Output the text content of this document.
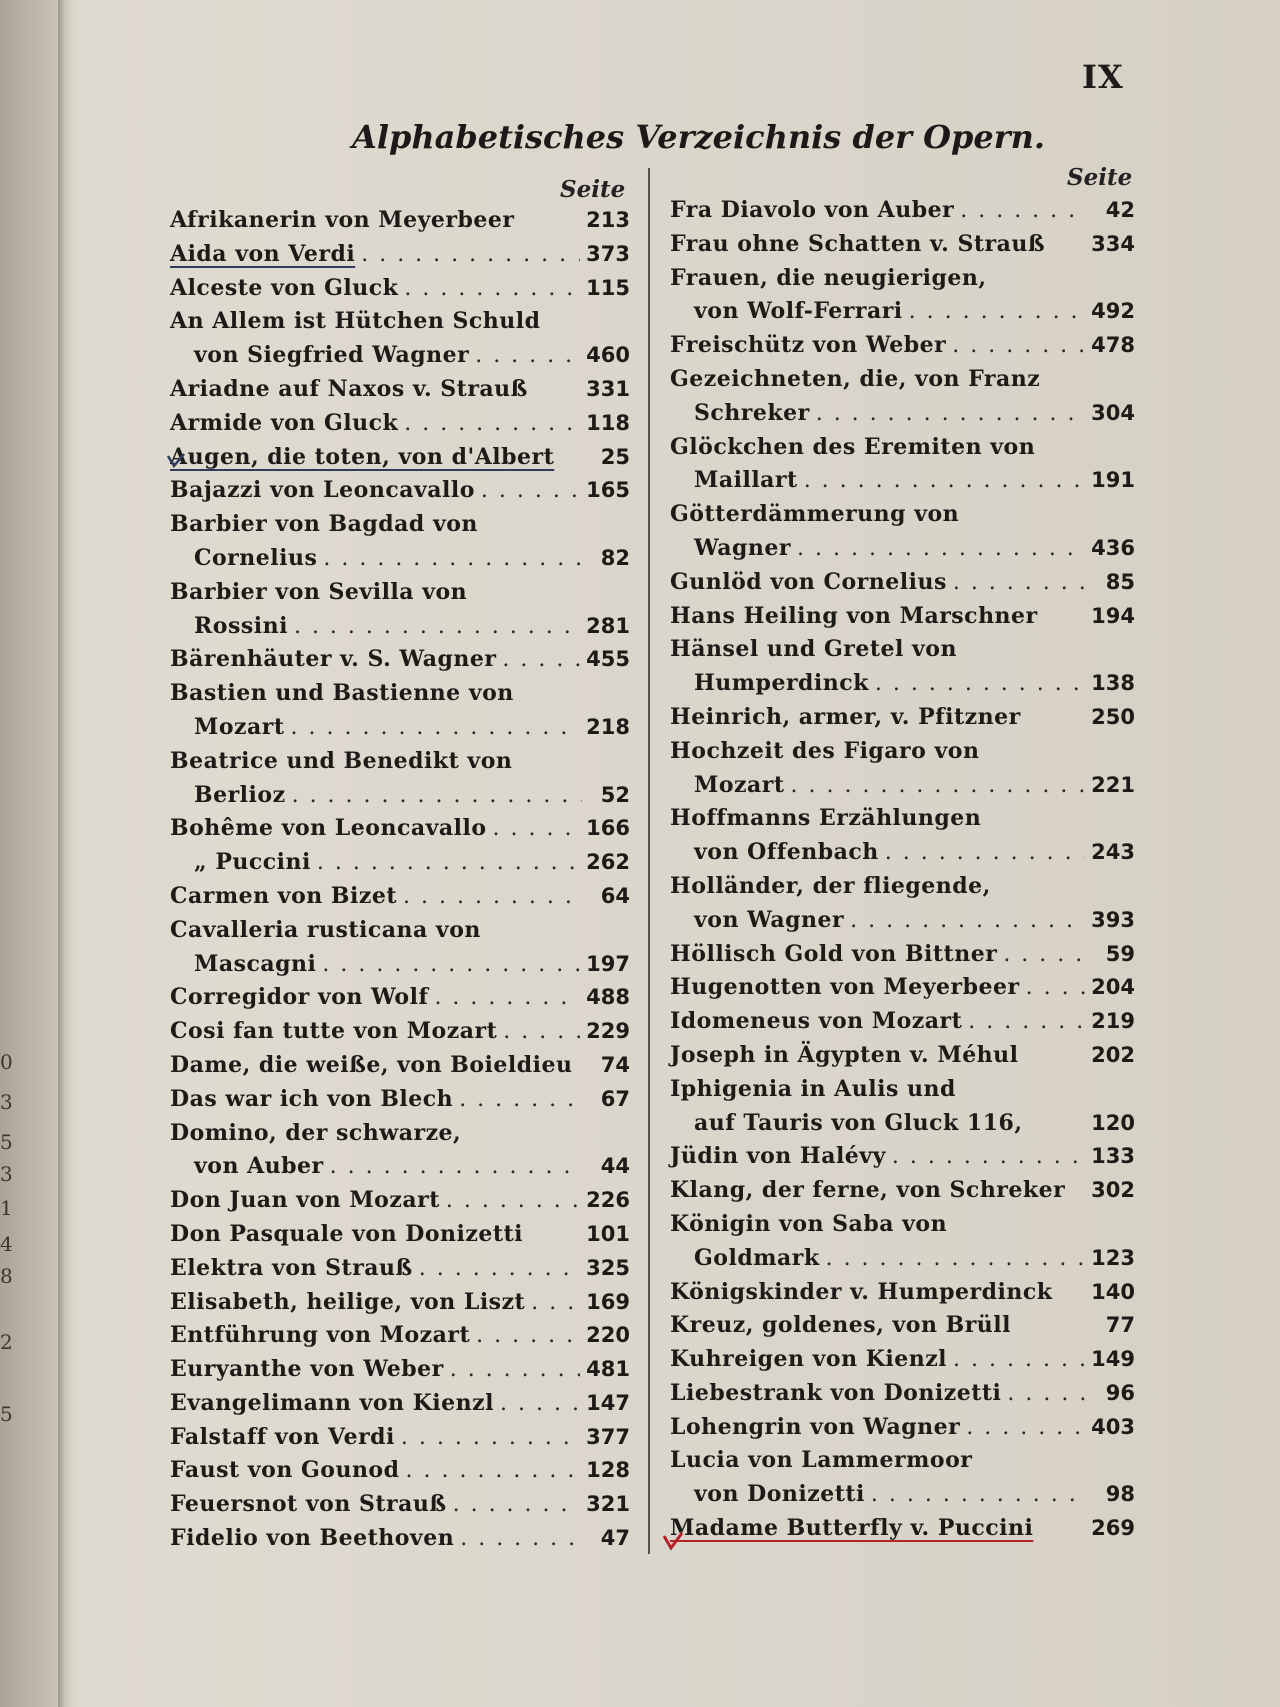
0
3
5
3
1
4
8
2
5
IX
Alphabetisches Verzeichnis der Opern.
Seite	Seite
Afrikanerin von Meyerbeer	213
Aida von Verdi . . .	373
Alceste von Gluck . . .	115
An Allem ist Hütchen Schuld
von Siegfried Wagner . . .	460
Ariadne auf Naxos v. Strauß	331
Armide von Gluck . . .	118
Augen, die toten, von d'Albert	25
Bajazzi von Leoncavallo . . .	165
Barbier von Bagdad von
Cornelius . . .	82
Barbier von Sevilla von
Rossini . . .	281
Bärenhäuter v. S. Wagner . . .	455
Bastien und Bastienne von
Mozart . . .	218
Beatrice und Benedikt von
Berlioz . . .	52
Bohême von Leoncavallo . . .	166
„ Puccini . . .	262
Carmen von Bizet . . .	64
Cavalleria rusticana von
Mascagni . . .	197
Corregidor von Wolf . . .	488
Cosi fan tutte von Mozart . . .	229
Dame, die weiße, von Boieldieu	74
Das war ich von Blech . . .	67
Domino, der schwarze,
von Auber . . .	44
Don Juan von Mozart . . .	226
Don Pasquale von Donizetti	101
Elektra von Strauß . . .	325
Elisabeth, heilige, von Liszt . . .	169
Entführung von Mozart . . .	220
Euryanthe von Weber . . .	481
Evangelimann von Kienzl . . .	147
Falstaff von Verdi . . .	377
Faust von Gounod . . .	128
Feuersnot von Strauß . . .	321
Fidelio von Beethoven . . .	47
Fra Diavolo von Auber . . .	42
Frau ohne Schatten v. Strauß 334
Frauen, die neugierigen,
von Wolf-Ferrari . . .	492
Freischütz von Weber . . .	478
Gezeichneten, die, von Franz
Schreker . . .	304
Glöckchen des Eremiten von
Maillart . . .	191
Götterdämmerung von
Wagner . . .	436
Gunlöd von Cornelius . . .	85
Hans Heiling von Marschner	194
Hänsel und Gretel von
Humperdinck . . .	138
Heinrich, armer, v. Pfitzner	250
Hochzeit des Figaro von
Mozart . . .	221
Hoffmanns Erzählungen
von Offenbach . . .	243
Holländer, der fliegende,
von Wagner . . .	393
Höllisch Gold von Bittner . . .	59
Hugenotten von Meyerbeer . . .	204
Idomeneus von Mozart . . .	219
Joseph in Ägypten v. Méhul	202
Iphigenia in Aulis und
auf Tauris von Gluck 116,	120
Jüdin von Halévy . . .	133
Klang, der ferne, von Schreker 302
Königin von Saba von
Goldmark . . .	123
Königskinder v. Humperdinck 140
Kreuz, goldenes, von Brüll	77
Kuhreigen von Kienzl . . .	149
Liebestrank von Donizetti . . .	96
Lohengrin von Wagner . . .	403
Lucia von Lammermoor
von Donizetti . . .	98
Madame Butterfly v. Puccini	269
